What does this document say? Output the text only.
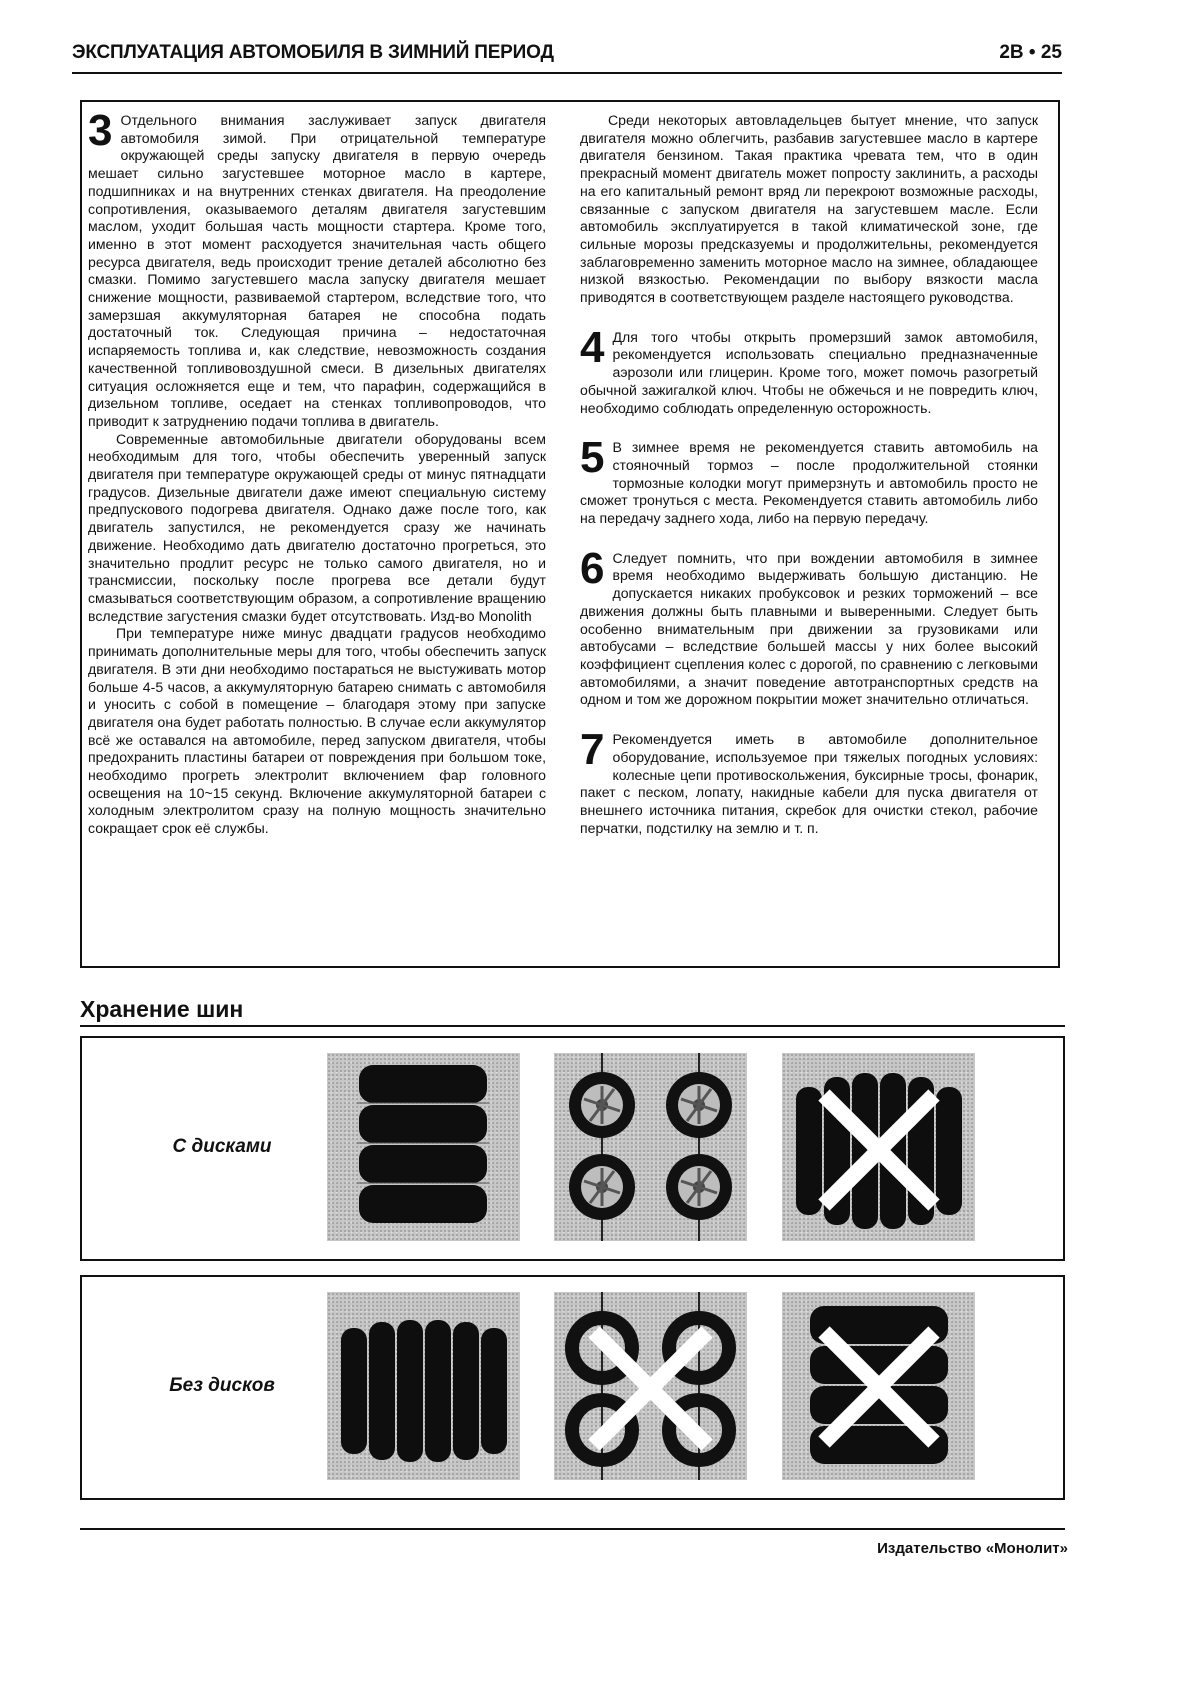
ЭКСПЛУАТАЦИЯ АВТОМОБИЛЯ В ЗИМНИЙ ПЕРИОД	2В • 25

3 Отдельного внимания заслуживает запуск двигателя автомобиля зимой. При отрицательной температуре окружающей среды запуску двигателя в первую очередь мешает сильно загустевшее моторное масло в картере, подшипниках и на внутренних стенках двигателя. На преодоление сопротивления, оказываемого деталям двигателя загустевшим маслом, уходит большая часть мощности стартера. Кроме того, именно в этот момент расходуется значительная часть общего ресурса двигателя, ведь происходит трение деталей абсолютно без смазки. Помимо загустевшего масла запуску двигателя мешает снижение мощности, развиваемой стартером, вследствие того, что замерзшая аккумуляторная батарея не способна подать достаточный ток. Следующая причина – недостаточная испаряемость топлива и, как следствие, невозможность создания качественной топливовоздушной смеси. В дизельных двигателях ситуация осложняется еще и тем, что парафин, содержащийся в дизельном топливе, оседает на стенках топливопроводов, что приводит к затруднению подачи топлива в двигатель.

Современные автомобильные двигатели оборудованы всем необходимым для того, чтобы обеспечить уверенный запуск двигателя при температуре окружающей среды от минус пятнадцати градусов. Дизельные двигатели даже имеют специальную систему предпускового подогрева двигателя. Однако даже после того, как двигатель запустился, не рекомендуется сразу же начинать движение. Необходимо дать двигателю достаточно прогреться, это значительно продлит ресурс не только самого двигателя, но и трансмиссии, поскольку после прогрева все детали будут смазываться соответствующим образом, а сопротивление вращению вследствие загустения смазки будет отсутствовать. Изд-во Monolith

При температуре ниже минус двадцати градусов необходимо принимать дополнительные меры для того, чтобы обеспечить запуск двигателя. В эти дни необходимо постараться не выстуживать мотор больше 4-5 часов, а аккумуляторную батарею снимать с автомобиля и уносить с собой в помещение – благодаря этому при запуске двигателя она будет работать полностью. В случае если аккумулятор всё же оставался на автомобиле, перед запуском двигателя, чтобы предохранить пластины батареи от повреждения при большом токе, необходимо прогреть электролит включением фар головного освещения на 10~15 секунд. Включение аккумуляторной батареи с холодным электролитом сразу на полную мощность значительно сокращает срок её службы.

Среди некоторых автовладельцев бытует мнение, что запуск двигателя можно облегчить, разбавив загустевшее масло в картере двигателя бензином. Такая практика чревата тем, что в один прекрасный момент двигатель может попросту заклинить, а расходы на его капитальный ремонт вряд ли перекроют возможные расходы, связанные с запуском двигателя на загустевшем масле. Если автомобиль эксплуатируется в такой климатической зоне, где сильные морозы предсказуемы и продолжительны, рекомендуется заблаговременно заменить моторное масло на зимнее, обладающее низкой вязкостью. Рекомендации по выбору вязкости масла приводятся в соответствующем разделе настоящего руководства.

4 Для того чтобы открыть промерзший замок автомобиля, рекомендуется использовать специально предназначенные аэрозоли или глицерин. Кроме того, может помочь разогретый обычной зажигалкой ключ. Чтобы не обжечься и не повредить ключ, необходимо соблюдать определенную осторожность.

5 В зимнее время не рекомендуется ставить автомобиль на стояночный тормоз – после продолжительной стоянки тормозные колодки могут примерзнуть и автомобиль просто не сможет тронуться с места. Рекомендуется ставить автомобиль либо на передачу заднего хода, либо на первую передачу.

6 Следует помнить, что при вождении автомобиля в зимнее время необходимо выдерживать большую дистанцию. Не допускается никаких пробуксовок и резких торможений – все движения должны быть плавными и выверенными. Следует быть особенно внимательным при движении за грузовиками или автобусами – вследствие большей массы у них более высокий коэффициент сцепления колес с дорогой, по сравнению с легковыми автомобилями, а значит поведение автотранспортных средств на одном и том же дорожном покрытии может значительно отличаться.

7 Рекомендуется иметь в автомобиле дополнительное оборудование, используемое при тяжелых погодных условиях: колесные цепи противоскольжения, буксирные тросы, фонарик, пакет с песком, лопату, накидные кабели для пуска двигателя от внешнего источника питания, скребок для очистки стекол, рабочие перчатки, подстилку на землю и т. п.

Хранение шин
С дисками
Без дисков
Издательство «Монолит»
